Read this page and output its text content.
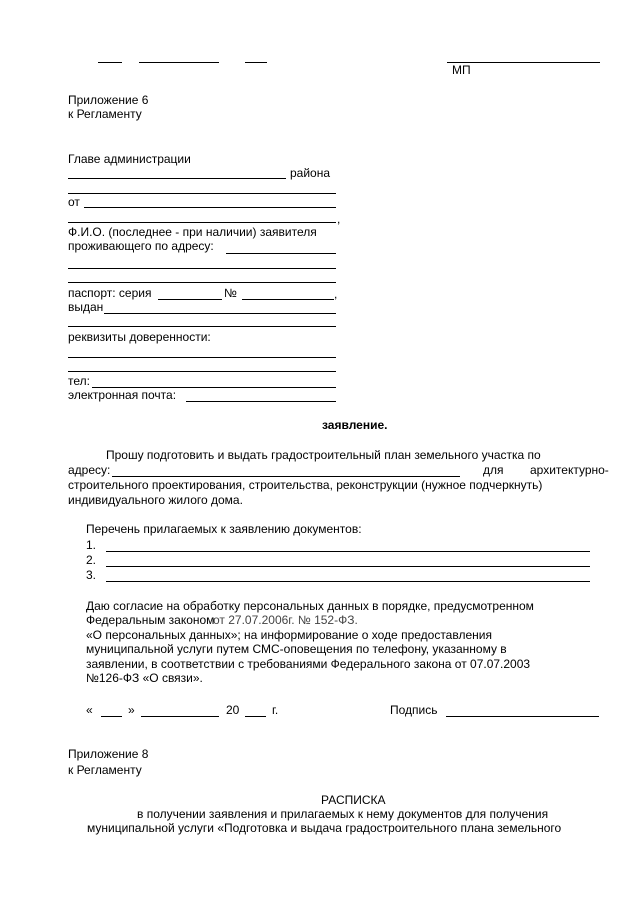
МП
Приложение 6
к Регламенту
Главе администрации
района
от
,
Ф.И.О. (последнее - при наличии) заявителя
проживающего по адресу:
паспорт: серия	№	,
выдан
реквизиты доверенности:
тел:
электронная почта:
заявление.
Прошу подготовить и выдать градостроительный план земельного участка по
адресу:	для архитектурно-
строительного проектирования, строительства, реконструкции (нужное подчеркнуть)
индивидуального жилого дома.
Перечень прилагаемых к заявлению документов:
1.
2.
3.
Даю согласие на обработку персональных данных в порядке, предусмотренном
Федеральным законом
от 27.07.2006г. № 152-ФЗ.
«О персональных данных»; на информирование о ходе предоставления
муниципальной услуги путем СМС-оповещения по телефону, указанному в
заявлении, в соответствии с требованиями Федерального закона от 07.07.2003
№126-ФЗ «О связи».
«	»	20	г.	Подпись
Приложение 8
к Регламенту
РАСПИСКА
в получении заявления и прилагаемых к нему документов для получения
муниципальной услуги «Подготовка и выдача градостроительного плана земельного
